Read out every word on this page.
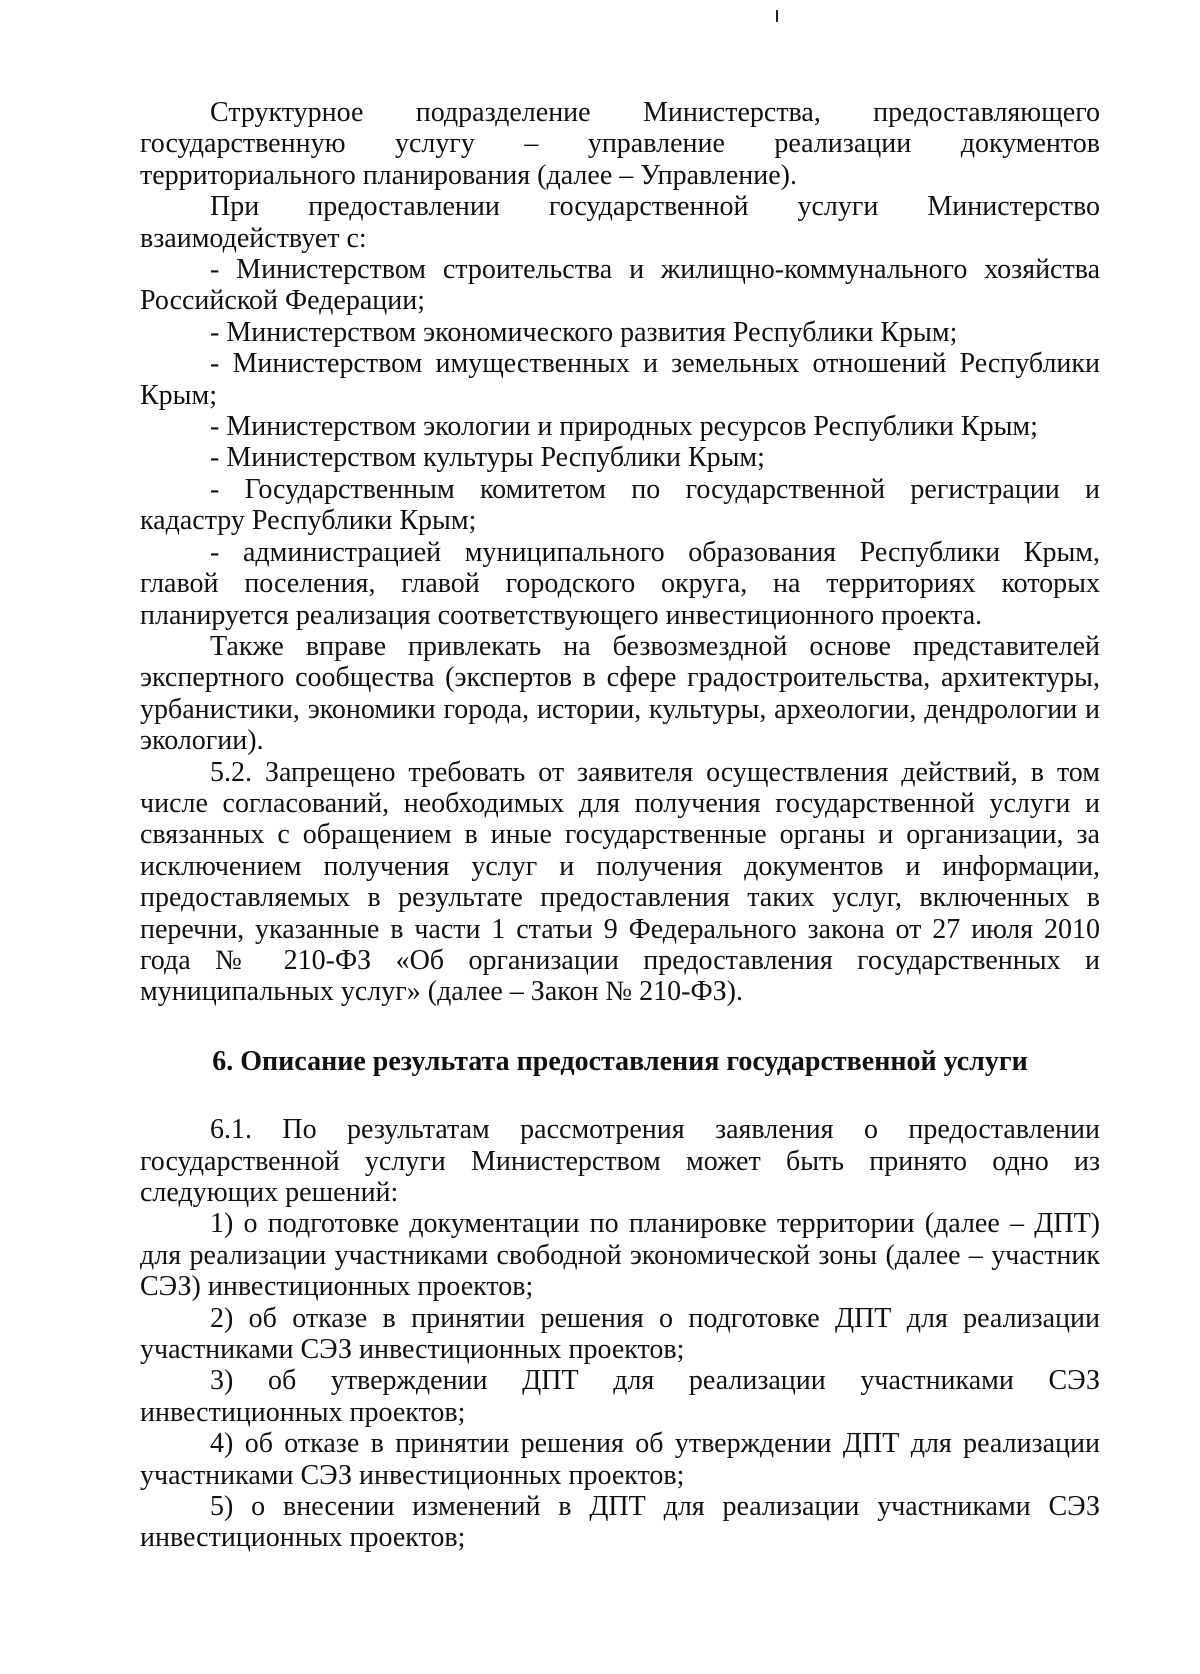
Структурное подразделение Министерства, предоставляющего государственную услугу – управление реализации документов территориального планирования (далее – Управление).

При предоставлении государственной услуги Министерство взаимодействует с:

- Министерством строительства и жилищно-коммунального хозяйства Российской Федерации;

- Министерством экономического развития Республики Крым;

- Министерством имущественных и земельных отношений Республики Крым;

- Министерством экологии и природных ресурсов Республики Крым;

- Министерством культуры Республики Крым;

- Государственным комитетом по государственной регистрации и кадастру Республики Крым;

- администрацией муниципального образования Республики Крым, главой поселения, главой городского округа, на территориях которых планируется реализация соответствующего инвестиционного проекта.

Также вправе привлекать на безвозмездной основе представителей экспертного сообщества (экспертов в сфере градостроительства, архитектуры, урбанистики, экономики города, истории, культуры, археологии, дендрологии и экологии).

5.2. Запрещено требовать от заявителя осуществления действий, в том числе согласований, необходимых для получения государственной услуги и связанных с обращением в иные государственные органы и организации, за исключением получения услуг и получения документов и информации, предоставляемых в результате предоставления таких услуг, включенных в перечни, указанные в части 1 статьи 9 Федерального закона от 27 июля 2010 года № 210-ФЗ «Об организации предоставления государственных и муниципальных услуг» (далее – Закон № 210-ФЗ).

6. Описание результата предоставления государственной услуги

6.1. По результатам рассмотрения заявления о предоставлении государственной услуги Министерством может быть принято одно из следующих решений:

1) о подготовке документации по планировке территории (далее – ДПТ) для реализации участниками свободной экономической зоны (далее – участник СЭЗ) инвестиционных проектов;

2) об отказе в принятии решения о подготовке ДПТ для реализации участниками СЭЗ инвестиционных проектов;

3) об утверждении ДПТ для реализации участниками СЭЗ инвестиционных проектов;

4) об отказе в принятии решения об утверждении ДПТ для реализации участниками СЭЗ инвестиционных проектов;

5) о внесении изменений в ДПТ для реализации участниками СЭЗ инвестиционных проектов;
